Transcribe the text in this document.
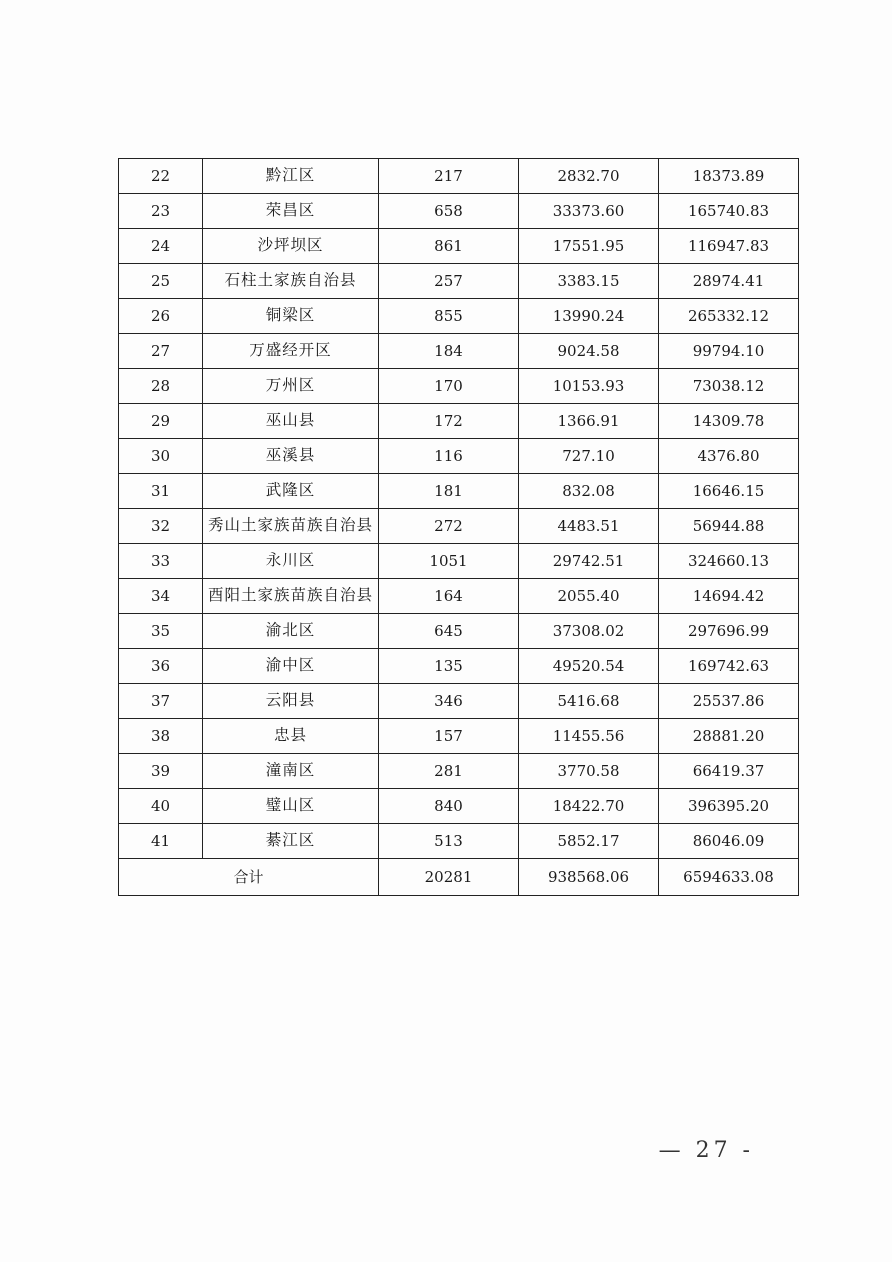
22	黔江区	217	2832.70	18373.89
23	荣昌区	658	33373.60	165740.83
24	沙坪坝区	861	17551.95	116947.83
25	石柱土家族自治县	257	3383.15	28974.41
26	铜梁区	855	13990.24	265332.12
27	万盛经开区	184	9024.58	99794.10
28	万州区	170	10153.93	73038.12
29	巫山县	172	1366.91	14309.78
30	巫溪县	116	727.10	4376.80
31	武隆区	181	832.08	16646.15
32	秀山土家族苗族自治县	272	4483.51	56944.88
33	永川区	1051	29742.51	324660.13
34	酉阳土家族苗族自治县	164	2055.40	14694.42
35	渝北区	645	37308.02	297696.99
36	渝中区	135	49520.54	169742.63
37	云阳县	346	5416.68	25537.86
38	忠县	157	11455.56	28881.20
39	潼南区	281	3770.58	66419.37
40	璧山区	840	18422.70	396395.20
41	綦江区	513	5852.17	86046.09
合计		20281	938568.06	6594633.08
— 27 -
